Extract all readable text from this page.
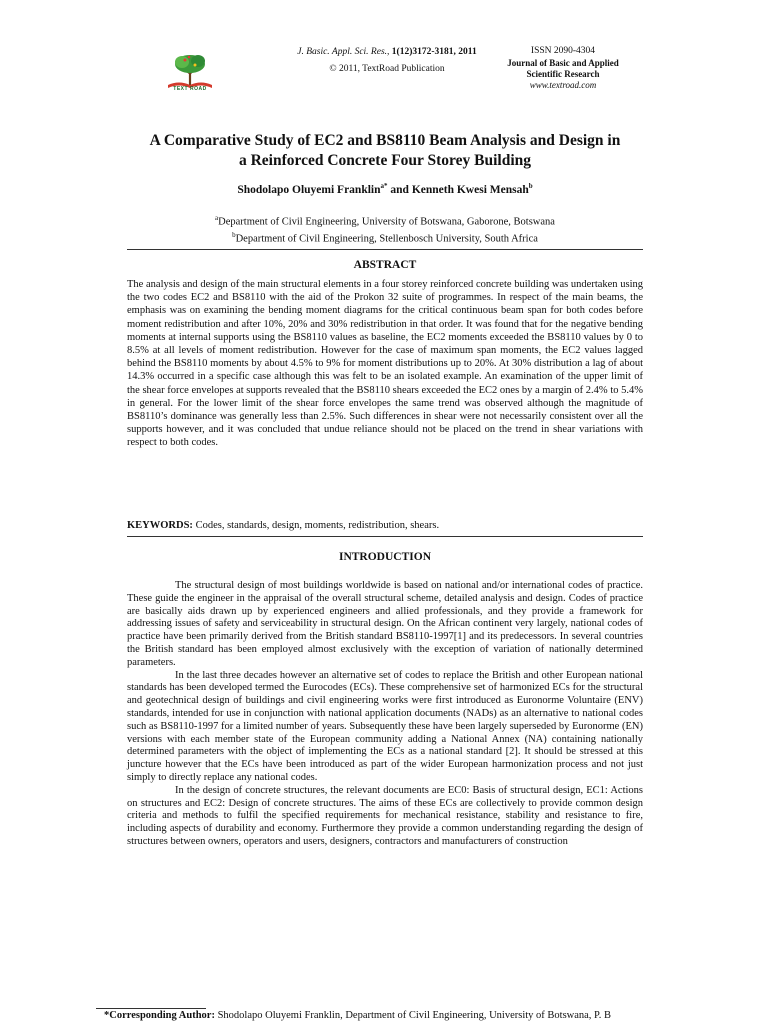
TEXT ROAD
J. Basic. Appl. Sci. Res., 1(12)3172-3181, 2011
© 2011, TextRoad Publication
ISSN 2090-4304
Journal of Basic and Applied
Scientific Research
www.textroad.com
A Comparative Study of EC2 and BS8110 Beam Analysis and Design in
a Reinforced Concrete Four Storey Building
Shodolapo Oluyemi Franklin$^{a*}$ and Kenneth Kwesi Mensah$^b$
$^a$Department of Civil Engineering, University of Botswana, Gaborone, Botswana
$^b$Department of Civil Engineering, Stellenbosch University, South Africa
ABSTRACT
The analysis and design of the main structural elements in a four storey reinforced concrete building was undertaken using the two codes EC2 and BS8110 with the aid of the Prokon 32 suite of programmes. In respect of the main beams, the emphasis was on examining the bending moment diagrams for the critical continuous beam span for both codes before moment redistribution and after 10%, 20% and 30% redistribution in that order. It was found that for the negative bending moments at internal supports using the BS8110 values as baseline, the EC2 moments exceeded the BS8110 values by 0 to 8.5% at all levels of moment redistribution. However for the case of maximum span moments, the EC2 values lagged behind the BS8110 moments by about 4.5% to 9% for moment distributions up to 20%. At 30% distribution a lag of about 14.3% occurred in a specific case although this was felt to be an isolated example. An examination of the upper limit of the shear force envelopes at supports revealed that the BS8110 shears exceeded the EC2 ones by a margin of 2.4% to 5.4% in general. For the lower limit of the shear force envelopes the same trend was observed although the magnitude of BS8110’s dominance was generally less than 2.5%. Such differences in shear were not necessarily consistent over all the supports however, and it was concluded that undue reliance should not be placed on the trend in shear variations with respect to both codes.
KEYWORDS: Codes, standards, design, moments, redistribution, shears.
INTRODUCTION

The structural design of most buildings worldwide is based on national and/or international codes of practice. These guide the engineer in the appraisal of the overall structural scheme, detailed analysis and design. Codes of practice are basically aids drawn up by experienced engineers and allied professionals, and they provide a framework for addressing issues of safety and serviceability in structural design. On the African continent very largely, national codes of practice have been primarily derived from the British standard BS8110-1997[1] and its predecessors. In several countries the British standard has been employed almost exclusively with the exception of variation of nationally determined parameters.

In the last three decades however an alternative set of codes to replace the British and other European national standards has been developed termed the Eurocodes (ECs). These comprehensive set of harmonized ECs for the structural and geotechnical design of buildings and civil engineering works were first introduced as Euronorme Voluntaire (ENV) standards, intended for use in conjunction with national application documents (NADs) as an alternative to national codes such as BS8110-1997 for a limited number of years. Subsequently these have been largely superseded by Euronorme (EN) versions with each member state of the European community adding a National Annex (NA) containing nationally determined parameters with the object of implementing the ECs as a national standard [2]. It should be stressed at this juncture however that the ECs have been introduced as part of the wider European harmonization process and not just simply to directly replace any national codes.

In the design of concrete structures, the relevant documents are EC0: Basis of structural design, EC1: Actions on structures and EC2: Design of concrete structures. The aims of these ECs are collectively to provide common design criteria and methods to fulfil the specified requirements for mechanical resistance, stability and resistance to fire, including aspects of durability and economy. Furthermore they provide a common understanding regarding the design of structures between owners, operators and users, designers, contractors and manufacturers of construction

*Corresponding Author: Shodolapo Oluyemi Franklin, Department of Civil Engineering, University of Botswana, P. B
